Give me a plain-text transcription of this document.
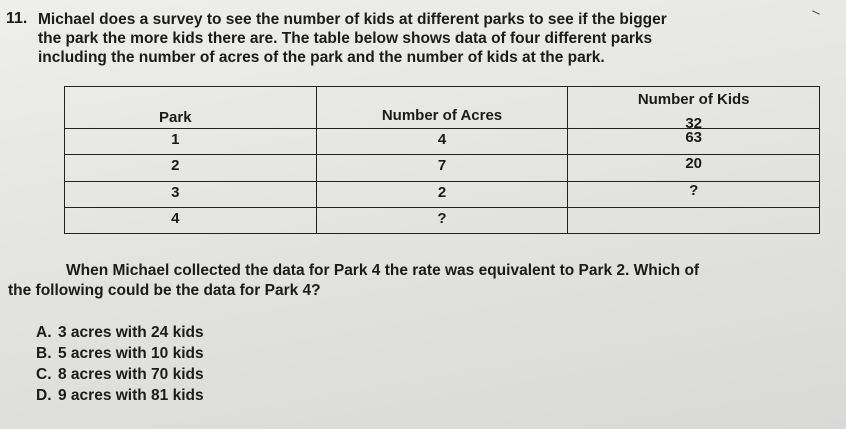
11. Michael does a survey to see the number of kids at different parks to see if the bigger
the park the more kids there are. The table below shows data of four different parks
including the number of acres of the park and the number of kids at the park.
Park	Number of Acres	Number of Kids
32

1	4	63

2	7	20

3	2	?

4	?	

When Michael collected the data for Park 4 the rate was equivalent to Park 2. Which of
the following could be the data for Park 4?
A. 3 acres with 24 kids
B. 5 acres with 10 kids
C. 8 acres with 70 kids
D. 9 acres with 81 kids
